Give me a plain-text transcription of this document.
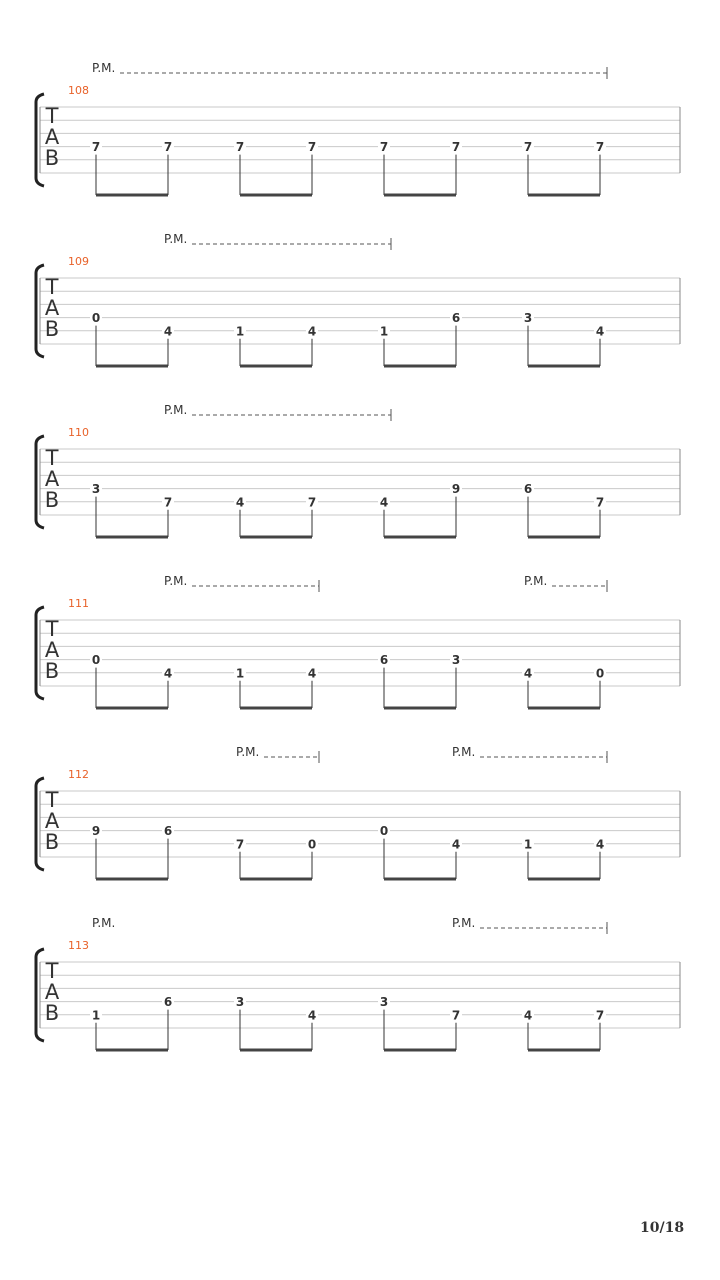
T
A
B
108
P.M.
7	7	7	7	7	7	7	7
T
A
B
109
P.M.
0
4	1	4	1
6	3
4
T
A
B
110
P.M.
3
7	4	7	4
9	6
7
T
A
B
111
P.M.	P.M.
0
4	1	4
6	3
4	0
T
A
B
112
P.M.	P.M.
9	6
7	0
0
4	1	4
T
A
B
113
P.M.	P.M.
1
6	3
4
3
7	4	7
10/18
